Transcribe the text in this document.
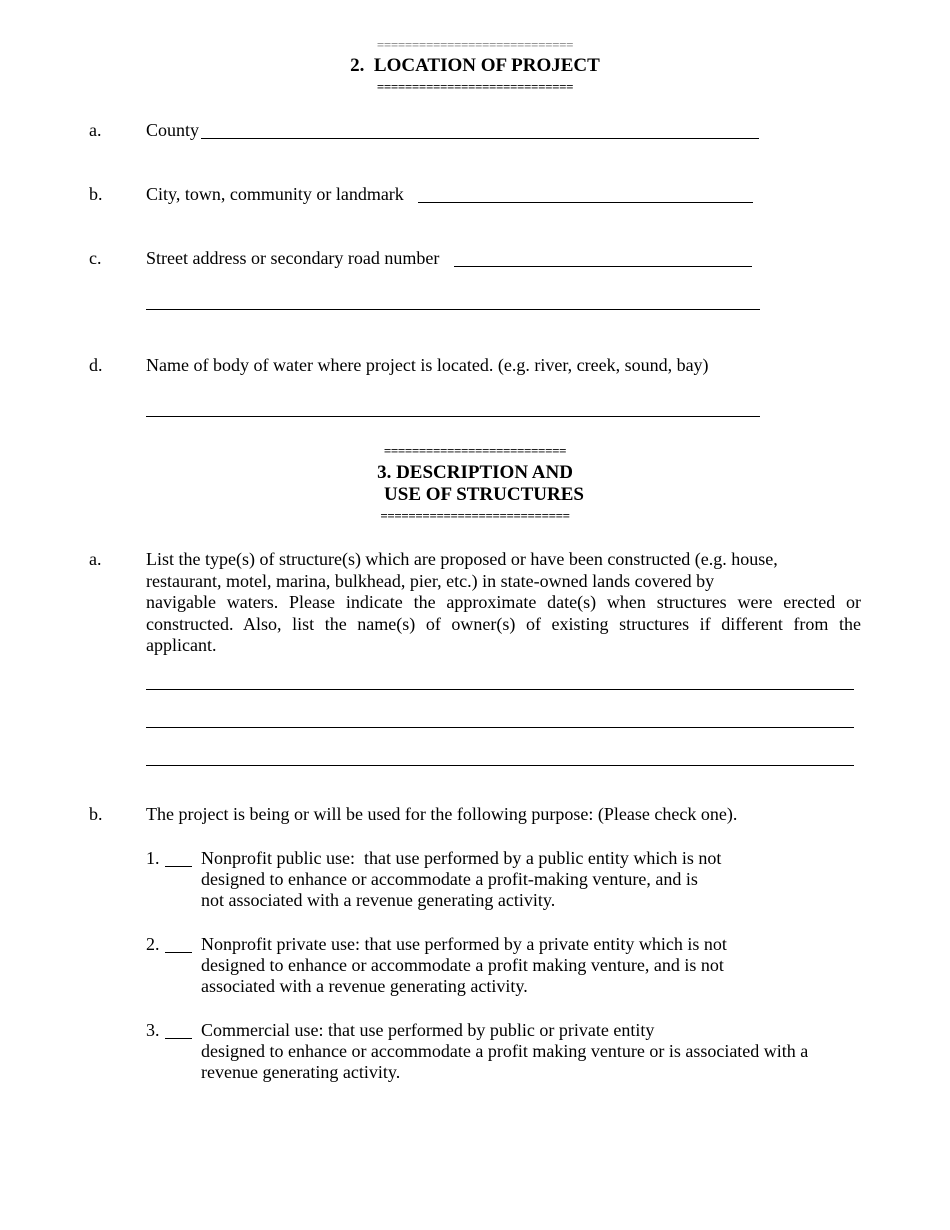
============================
2.  LOCATION OF PROJECT
============================
a. County
b. City, town, community or landmark
c. Street address or secondary road number
d. Name of body of water where project is located. (e.g. river, creek, sound, bay)
==========================
3. DESCRIPTION AND
USE OF STRUCTURES
===========================
a. List the type(s) of structure(s) which are proposed or have been constructed (e.g. house,
restaurant, motel, marina, bulkhead, pier, etc.) in state-owned lands covered by
navigable waters. Please indicate the approximate date(s) when structures were erected or
constructed. Also, list the name(s) of owner(s) of existing structures if different from the
applicant.
b. The project is being or will be used for the following purpose: (Please check one).
1. Nonprofit public use:  that use performed by a public entity which is not
designed to enhance or accommodate a profit-making venture, and is
not associated with a revenue generating activity.
2. Nonprofit private use: that use performed by a private entity which is not
designed to enhance or accommodate a profit making venture, and is not
associated with a revenue generating activity.
3. Commercial use: that use performed by public or private entity
designed to enhance or accommodate a profit making venture or is associated with a
revenue generating activity.
